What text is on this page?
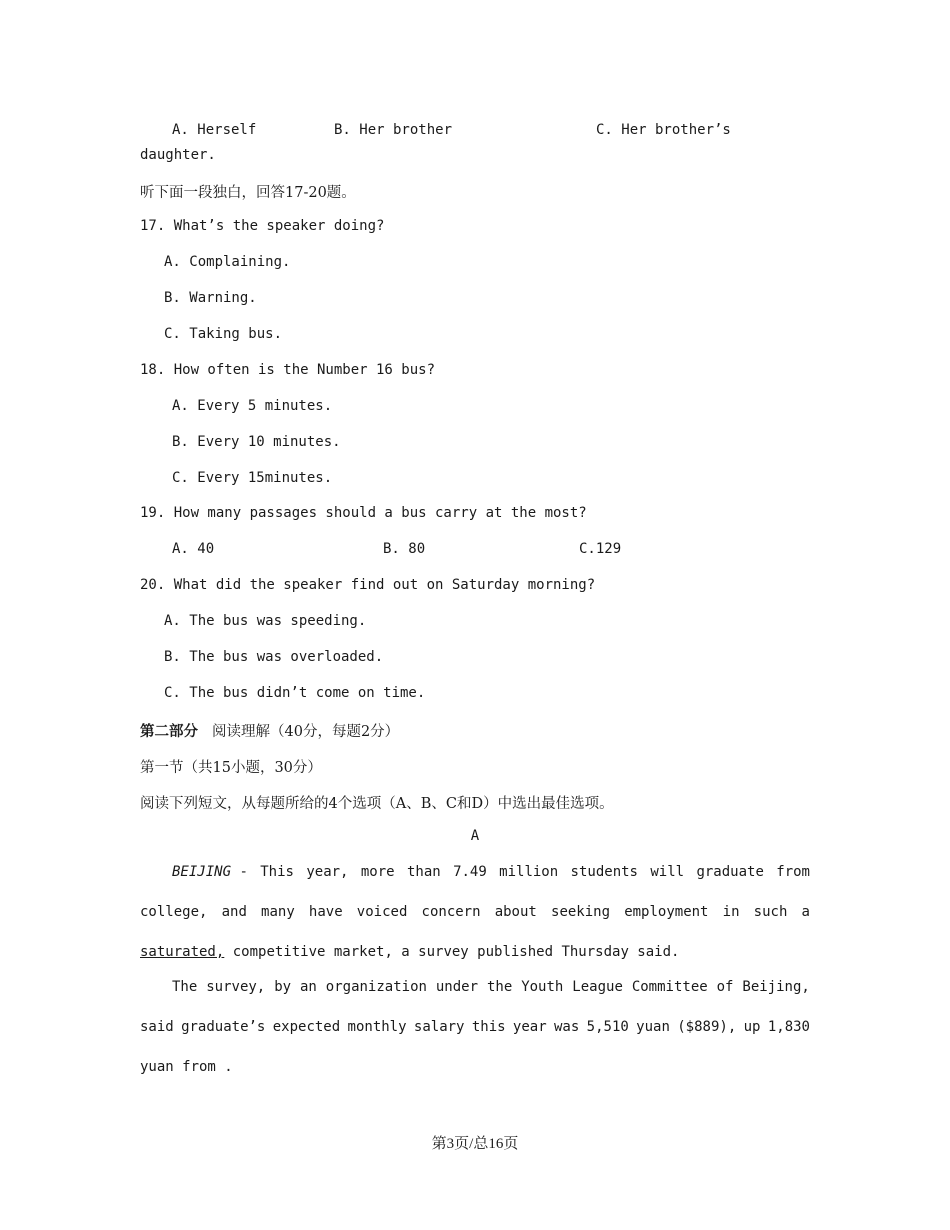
A. Herself	B. Her brother	C. Her brother’s
daughter.
听下面一段独白，回答17-20题。
17. What’s the speaker doing?
A. Complaining.
B. Warning.
C. Taking bus.
18. How often is the Number 16 bus?
A. Every 5 minutes.
B. Every 10 minutes.
C. Every 15minutes.
19. How many passages should a bus carry at the most?
A. 40	B. 80	C.129
20. What did the speaker find out on Saturday morning?
A. The bus was speeding.
B. The bus was overloaded.
C. The bus didn’t come on time.
第二部分 阅读理解（40分，每题2分）
第一节（共15小题，30分）
阅读下列短文，从每题所给的4个选项（A、B、C和D）中选出最佳选项。
A
BEIJING - This year, more than 7.49 million students will graduate from
college, and many have voiced concern about seeking employment in such a
saturated, competitive market, a survey published Thursday said.
The survey, by an organization under the Youth League Committee of Beijing,
said graduate’s expected monthly salary this year was 5,510 yuan ($889), up 1,830
yuan from .
第3页/总16页
